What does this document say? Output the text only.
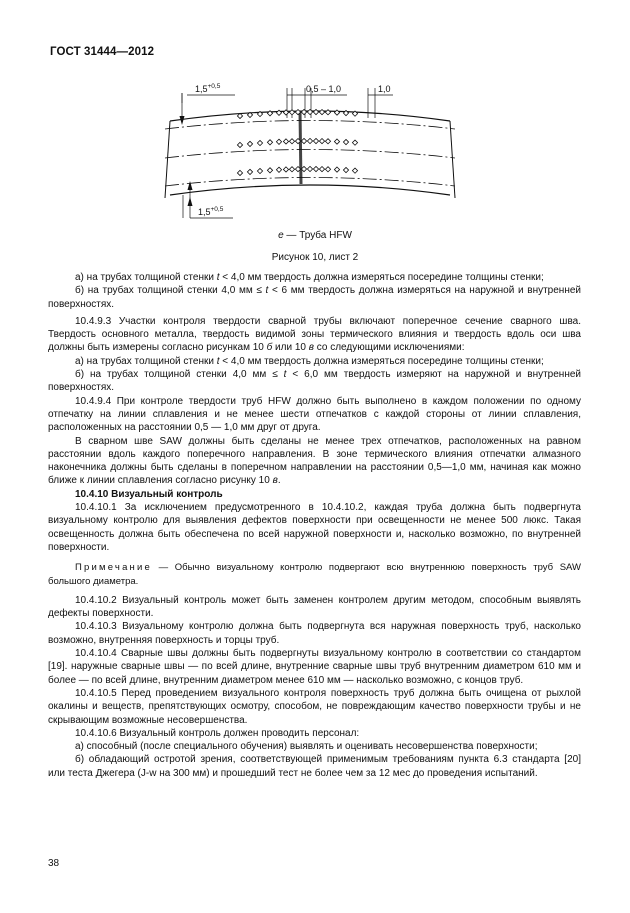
ГОСТ 31444—2012
$1,5^{+0,5}$	0,5 – 1,0	1,0
$1,5^{+0,5}$
е — Труба HFW
Рисунок 10, лист 2

а) на трубах толщиной стенки t < 4,0 мм твердость должна измеряться посередине толщины стенки;

б) на трубах толщиной стенки 4,0 мм ≤ t < 6 мм твердость должна измеряться на наружной и внутренней поверхностях.

10.4.9.3 Участки контроля твердости сварной трубы включают поперечное сечение сварного шва. Твердость основного металла, твердость видимой зоны термического влияния и твердость вдоль оси шва должны быть измерены согласно рисункам 10 б или 10 в со следующими исключениями:

а) на трубах толщиной стенки t < 4,0 мм твердость должна измеряться посередине толщины стенки;

б) на трубах толщиной стенки 4,0 мм ≤ t < 6,0 мм твердость измеряют на наружной и внутренней поверхностях.

10.4.9.4 При контроле твердости труб HFW должно быть выполнено в каждом положении по одному отпечатку на линии сплавления и не менее шести отпечатков с каждой стороны от линии сплавления, расположенных на расстоянии 0,5 — 1,0 мм друг от друга.

В сварном шве SAW должны быть сделаны не менее трех отпечатков, расположенных на равном расстоянии вдоль каждого поперечного направления. В зоне термического влияния отпечатки алмазного наконечника должны быть сделаны в поперечном направлении на расстоянии 0,5—1,0 мм, начиная как можно ближе к линии сплавления согласно рисунку 10 в.

10.4.10 Визуальный контроль

10.4.10.1 За исключением предусмотренного в 10.4.10.2, каждая труба должна быть подвергнута визуальному контролю для выявления дефектов поверхности при освещенности не менее 500 люкс. Такая освещенность должна быть обеспечена по всей наружной поверхности и, насколько возможно, по внутренней поверхности.

Примечание — Обычно визуальному контролю подвергают всю внутреннюю поверхность труб SAW большого диаметра.

10.4.10.2 Визуальный контроль может быть заменен контролем другим методом, способным выявлять дефекты поверхности.

10.4.10.3 Визуальному контролю должна быть подвергнута вся наружная поверхность труб, насколько возможно, внутренняя поверхность и торцы труб.

10.4.10.4 Сварные швы должны быть подвергнуты визуальному контролю в соответствии со стандартом [19]. наружные сварные швы — по всей длине, внутренние сварные швы труб внутренним диаметром 610 мм и более — по всей длине, внутренним диаметром менее 610 мм — насколько возможно, с концов труб.

10.4.10.5 Перед проведением визуального контроля поверхность труб должна быть очищена от рыхлой окалины и веществ, препятствующих осмотру, способом, не повреждающим качество поверхности трубы и не скрывающим возможные несовершенства.

10.4.10.6 Визуальный контроль должен проводить персонал:

а) способный (после специального обучения) выявлять и оценивать несовершенства поверхности;

б) обладающий остротой зрения, соответствующей применимым требованиям пункта 6.3 стандарта [20] или теста Джегера (J-w на 300 мм) и прошедший тест не более чем за 12 мес до проведения испытаний.

38
